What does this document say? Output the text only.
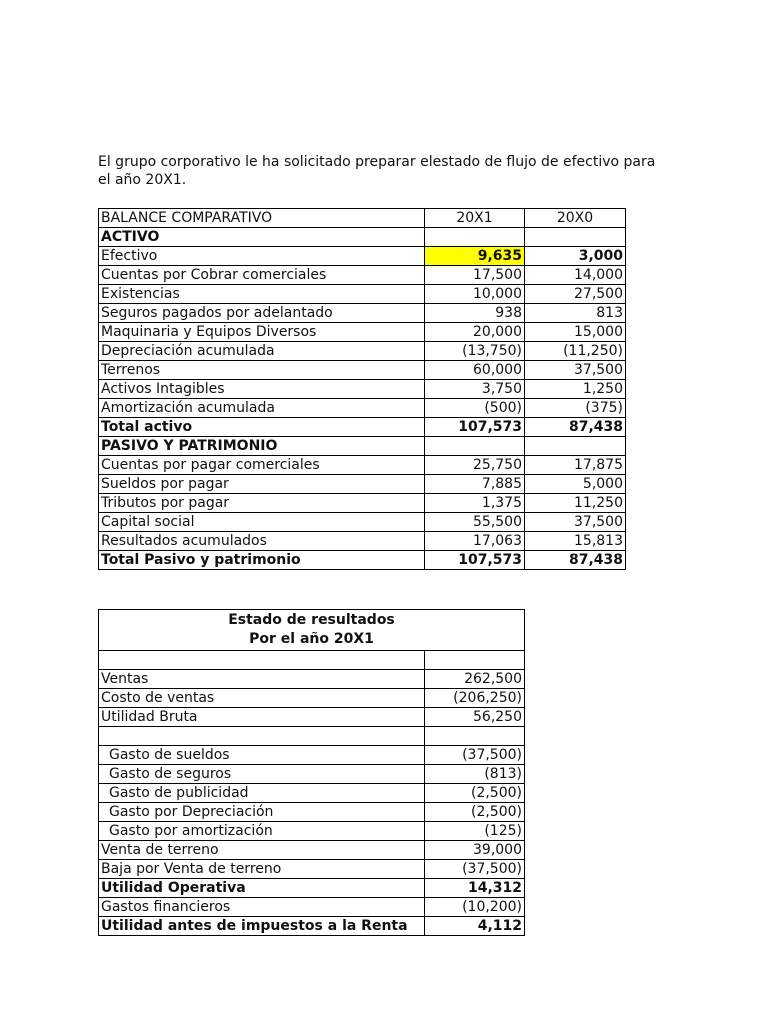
El grupo corporativo le ha solicitado preparar elestado de flujo de efectivo para el año 20X1.

BALANCE COMPARATIVO	20X1	20X0
ACTIVO		
Efectivo	9,635	3,000
Cuentas por Cobrar comerciales	17,500	14,000
Existencias	10,000	27,500
Seguros pagados por adelantado	938	813
Maquinaria y Equipos Diversos	20,000	15,000
Depreciación acumulada	(13,750)	(11,250)
Terrenos	60,000	37,500
Activos Intagibles	3,750	1,250
Amortización acumulada	(500)	(375)
Total activo	107,573	87,438
PASIVO Y PATRIMONIO		
Cuentas por pagar comerciales	25,750	17,875
Sueldos por pagar	7,885	5,000
Tributos por pagar	1,375	11,250
Capital social	55,500	37,500
Resultados acumulados	17,063	15,813
Total Pasivo y patrimonio	107,573	87,438
Estado de resultados
Por el año 20X1	

Ventas	262,500
Costo de ventas	(206,250)
Utilidad Bruta	56,250

Gasto de sueldos	(37,500)
Gasto de seguros	(813)
Gasto de publicidad	(2,500)
Gasto por Depreciación	(2,500)
Gasto por amortización	(125)
Venta de terreno	39,000
Baja por Venta de terreno	(37,500)
Utilidad Operativa	14,312
Gastos financieros	(10,200)
Utilidad antes de impuestos a la Renta	4,112
